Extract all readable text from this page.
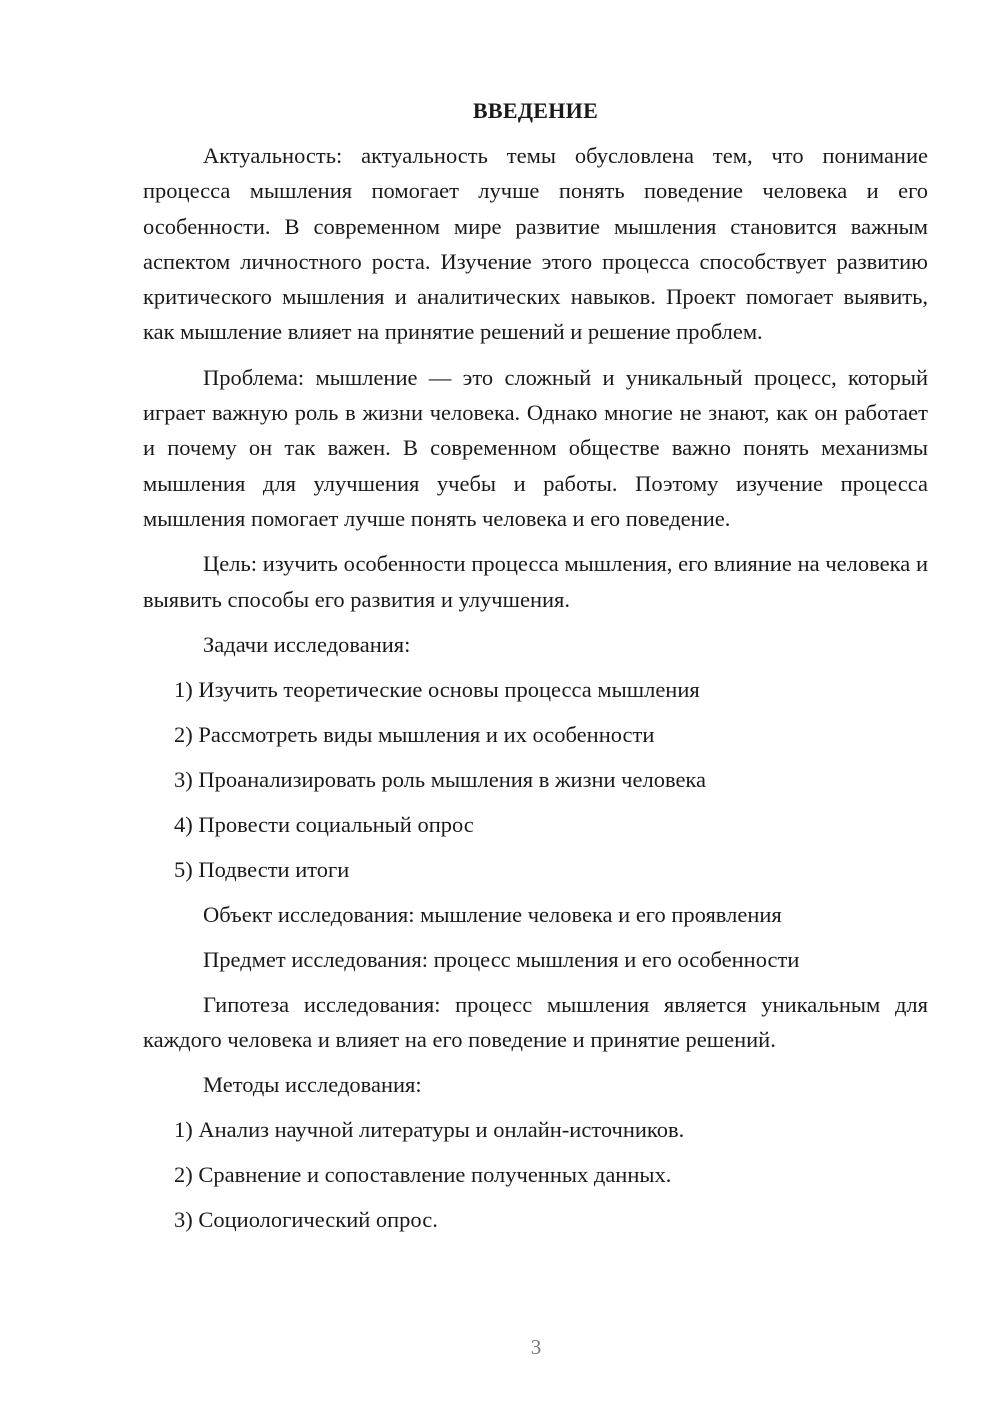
ВВЕДЕНИЕ

Актуальность: актуальность темы обусловлена тем, что понимание процесса мышления помогает лучше понять поведение человека и его особенности. В современном мире развитие мышления становится важным аспектом личностного роста. Изучение этого процесса способствует развитию критического мышления и аналитических навыков. Проект помогает выявить, как мышление влияет на принятие решений и решение проблем.

Проблема: мышление — это сложный и уникальный процесс, который играет важную роль в жизни человека. Однако многие не знают, как он работает и почему он так важен. В современном обществе важно понять механизмы мышления для улучшения учебы и работы. Поэтому изучение процесса мышления помогает лучше понять человека и его поведение.

Цель: изучить особенности процесса мышления, его влияние на человека и выявить способы его развития и улучшения.

Задачи исследования:
1) Изучить теоретические основы процесса мышления
2) Рассмотреть виды мышления и их особенности
3) Проанализировать роль мышления в жизни человека
4) Провести социальный опрос
5) Подвести итоги
Объект исследования: мышление человека и его проявления
Предмет исследования: процесс мышления и его особенности

Гипотеза исследования: процесс мышления является уникальным для каждого человека и влияет на его поведение и принятие решений.

Методы исследования:
1) Анализ научной литературы и онлайн-источников.
2) Сравнение и сопоставление полученных данных.
3) Социологический опрос.
3
